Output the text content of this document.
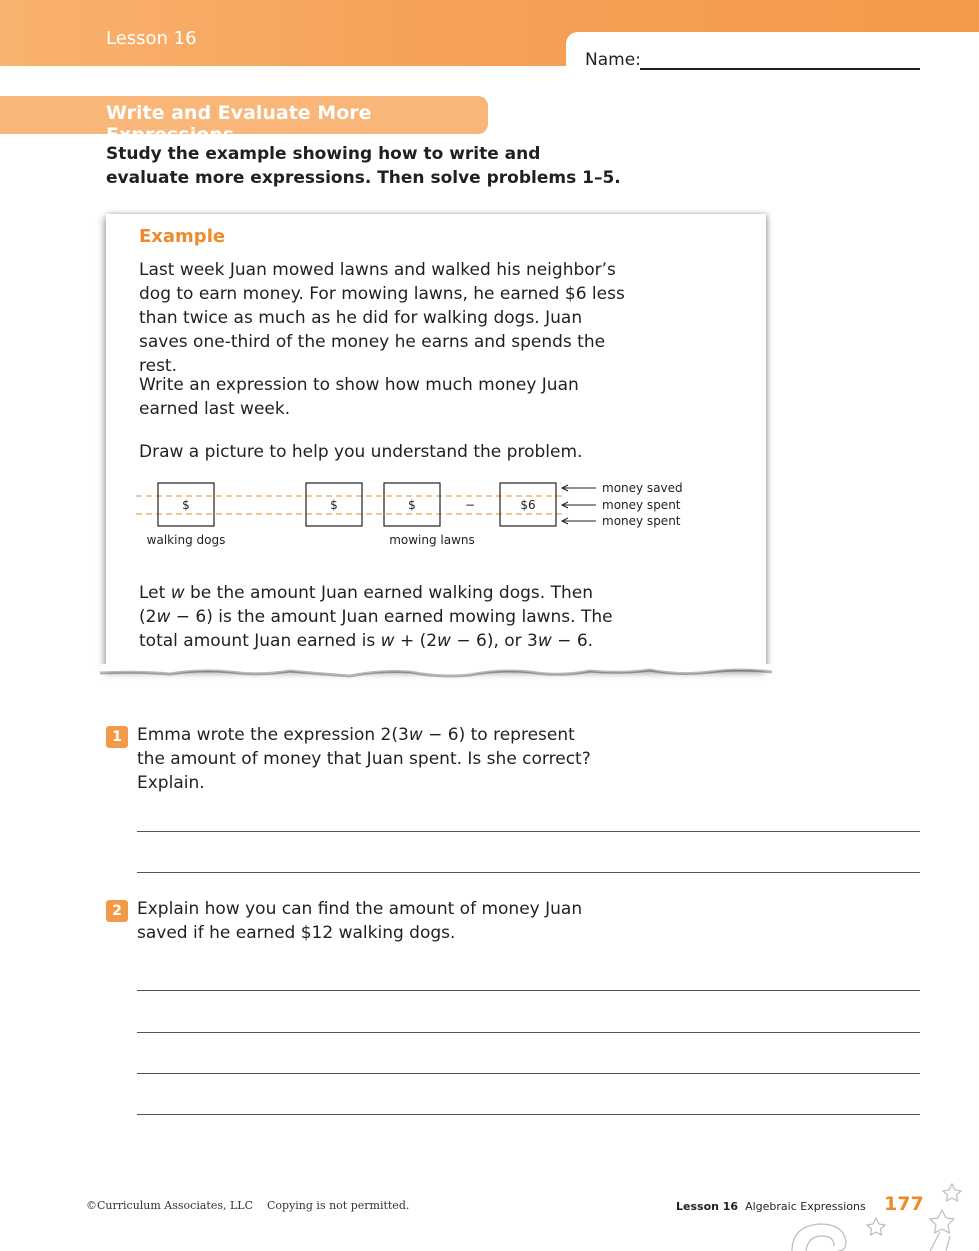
Lesson 16
Name:
Write and Evaluate More Expressions
Study the example showing how to write and evaluate more expressions. Then solve problems 1–5.
Example
Last week Juan mowed lawns and walked his neighbor’s dog to earn money. For mowing lawns, he earned $6 less than twice as much as he did for walking dogs. Juan saves one-third of the money he earns and spends the rest.
Write an expression to show how much money Juan earned last week.
Draw a picture to help you understand the problem.
$	$	$	−	$6
walking dogs	mowing lawns
money saved
money spent
money spent
Let w be the amount Juan earned walking dogs. Then (2w − 6) is the amount Juan earned mowing lawns. The total amount Juan earned is w + (2w − 6), or 3w − 6.
1 Emma wrote the expression 2(3w − 6) to represent the amount of money that Juan spent. Is she correct? Explain.
2 Explain how you can find the amount of money Juan saved if he earned $12 walking dogs.
©Curriculum Associates, LLC    Copying is not permitted.	Lesson 16 Algebraic Expressions 177
